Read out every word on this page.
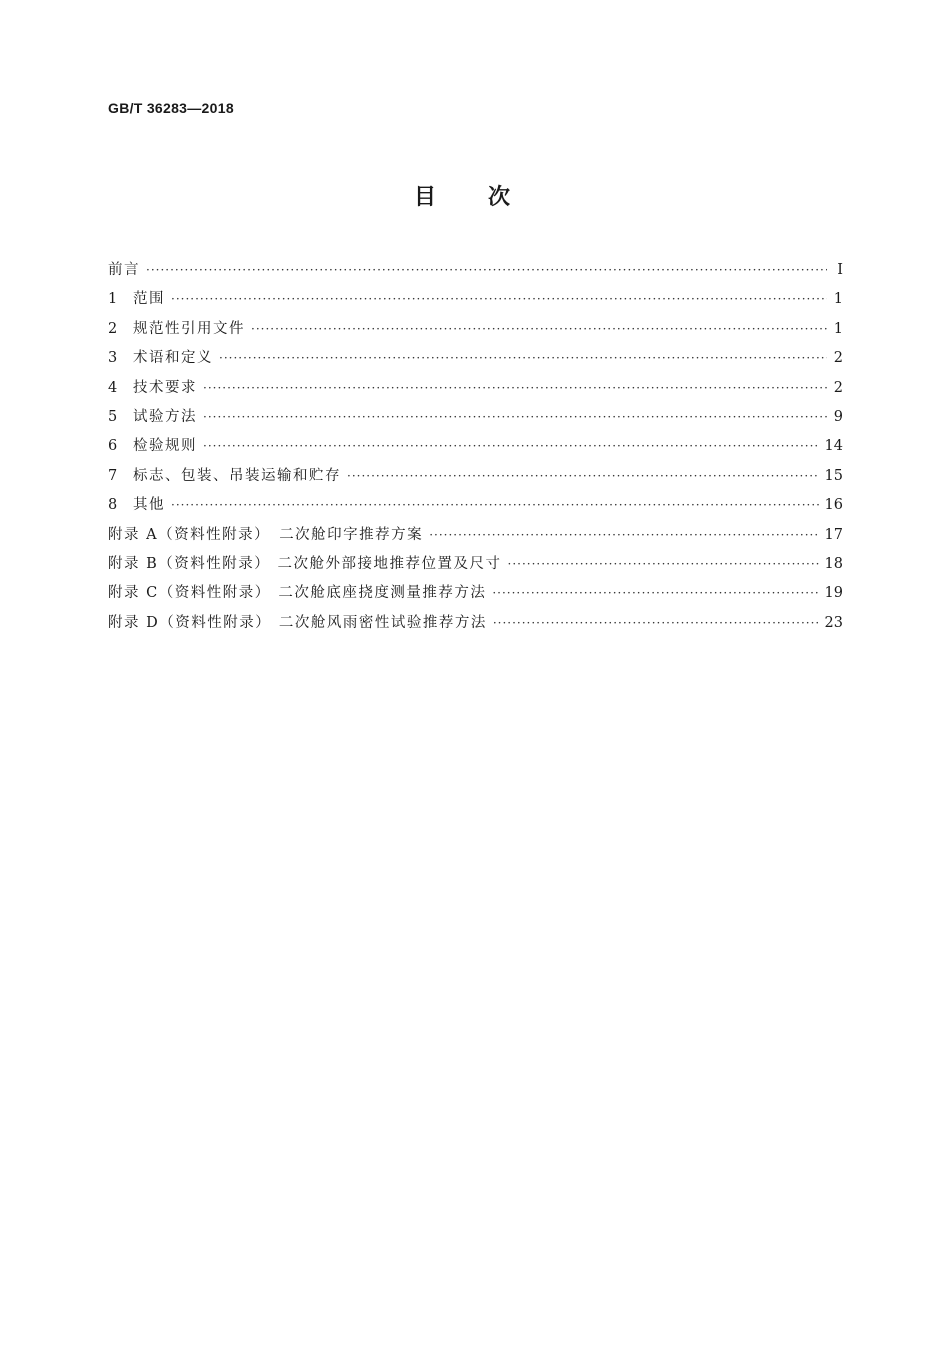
GB/T 36283—2018
目次
前言 ·····	Ⅰ
1	范围 ·····	1
2	规范性引用文件 ·····	1
3	术语和定义 ·····	2
4	技术要求 ·····	2
5	试验方法 ·····	9
6	检验规则 ·····	14
7	标志、包装、吊装运输和贮存 ·····	15
8	其他 ·····	16
附录 A（资料性附录） 二次舱印字推荐方案 ·····	17
附录 B（资料性附录） 二次舱外部接地推荐位置及尺寸 ·····	18
附录 C（资料性附录） 二次舱底座挠度测量推荐方法 ·····	19
附录 D（资料性附录） 二次舱风雨密性试验推荐方法 ·····	23
